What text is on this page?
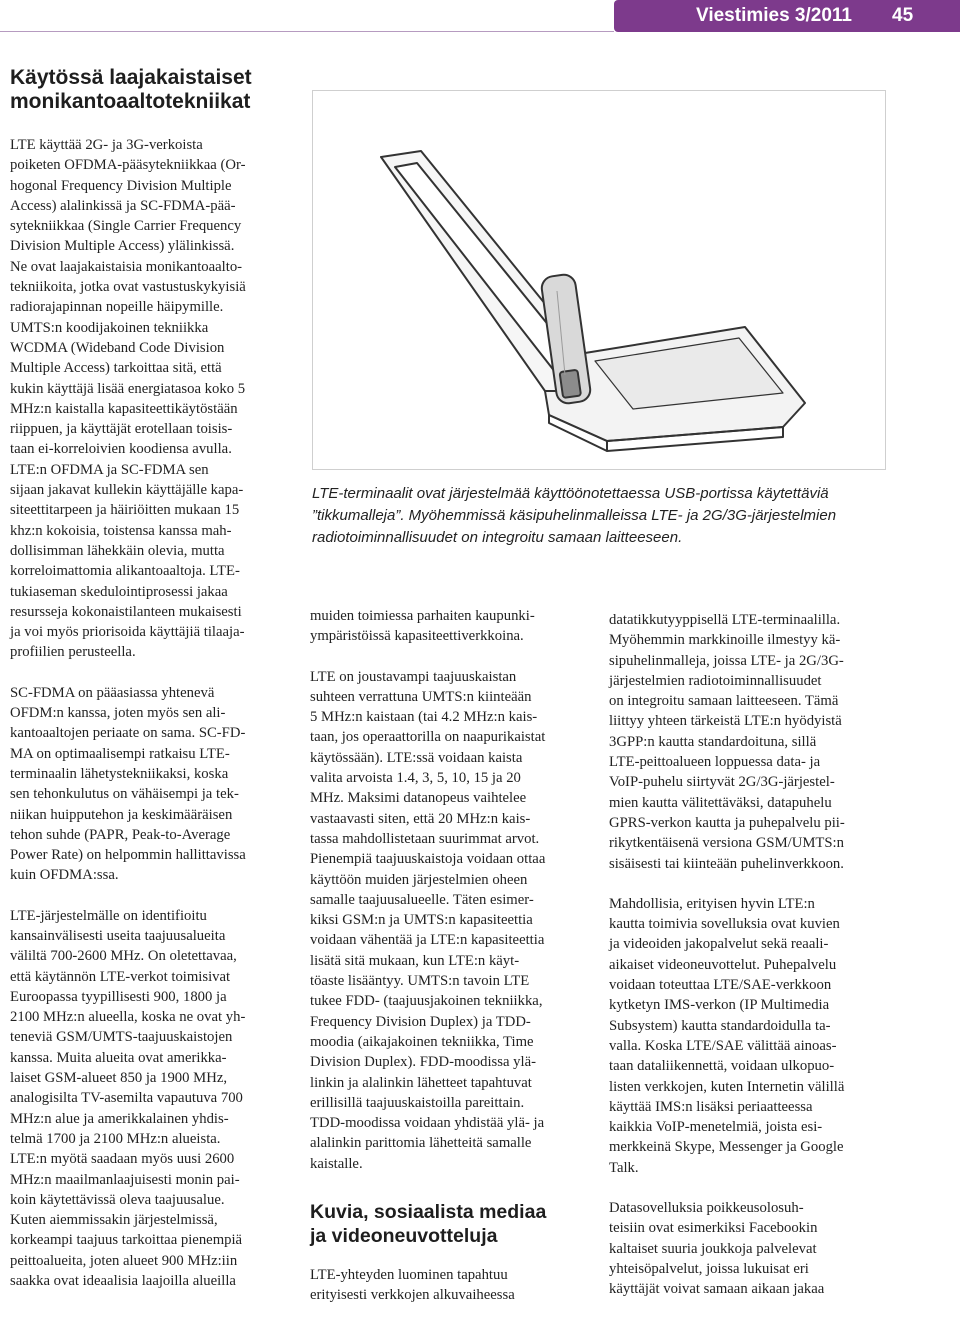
Viestimies 3/2011 45
Käytössä laajakaistaiset
monikantoaaltotekniikat

LTE käyttää 2G- ja 3G-verkoista
poiketen OFDMA-pääsytekniikkaa (Or-
hogonal Frequency Division Multiple
Access) alalinkissä ja SC-FDMA-pää-
sytekniikkaa (Single Carrier Frequency
Division Multiple Access) ylälinkissä.
Ne ovat laajakaistaisia monikantoaalto-
tekniikoita, jotka ovat vastustuskykyisiä
radiorajapinnan nopeille häipymille.
UMTS:n koodijakoinen tekniikka
WCDMA (Wideband Code Division
Multiple Access) tarkoittaa sitä, että
kukin käyttäjä lisää energiatasoa koko 5
MHz:n kaistalla kapasiteettikäytöstään
riippuen, ja käyttäjät erotellaan toisis-
taan ei-korreloivien koodiensa avulla.
LTE:n OFDMA ja SC-FDMA sen
sijaan jakavat kullekin käyttäjälle kapa-
siteettitarpeen ja häiriöitten mukaan 15
khz:n kokoisia, toistensa kanssa mah-
dollisimman lähekkäin olevia, mutta
korreloimattomia alikantoaaltoja. LTE-
tukiaseman skedulointiprosessi jakaa
resursseja kokonaistilanteen mukaisesti
ja voi myös priorisoida käyttäjiä tilaaja-
profiilien perusteella.

SC-FDMA on pääasiassa yhtenevä
OFDM:n kanssa, joten myös sen ali-
kantoaaltojen periaate on sama. SC-FD-
MA on optimaalisempi ratkaisu LTE-
terminaalin lähetystekniikaksi, koska
sen tehonkulutus on vähäisempi ja tek-
niikan huipputehon ja keskimääräisen
tehon suhde (PAPR, Peak-to-Average
Power Rate) on helpommin hallittavissa
kuin OFDMA:ssa.

LTE-järjestelmälle on identifioitu
kansainvälisesti useita taajuusalueita
väliltä 700-2600 MHz. On oletettavaa,
että käytännön LTE-verkot toimisivat
Euroopassa tyypillisesti 900, 1800 ja
2100 MHz:n alueella, koska ne ovat yh-
teneviä GSM/UMTS-taajuuskaistojen
kanssa. Muita alueita ovat amerikka-
laiset GSM-alueet 850 ja 1900 MHz,
analogisilta TV-asemilta vapautuva 700
MHz:n alue ja amerikkalainen yhdis-
telmä 1700 ja 2100 MHz:n alueista.
LTE:n myötä saadaan myös uusi 2600
MHz:n maailmanlaajuisesti monin pai-
koin käytettävissä oleva taajuusalue.
Kuten aiemmissakin järjestelmissä,
korkeampi taajuus tarkoittaa pienempiä
peittoalueita, joten alueet 900 MHz:iin
saakka ovat ideaalisia laajoilla alueilla

LTE-terminaalit ovat järjestelmää käyttöönotettaessa USB-portissa käytettäviä
”tikkumalleja”. Myöhemmissä käsipuhelinmalleissa LTE- ja 2G/3G-järjestelmien
radiotoiminnallisuudet on integroitu samaan laitteeseen.

muiden toimiessa parhaiten kaupunki-
ympäristöissä kapasiteettiverkkoina.

LTE on joustavampi taajuuskaistan
suhteen verrattuna UMTS:n kiinteään
5 MHz:n kaistaan (tai 4.2 MHz:n kais-
taan, jos operaattorilla on naapurikaistat
käytössään). LTE:ssä voidaan kaista
valita arvoista 1.4, 3, 5, 10, 15 ja 20
MHz. Maksimi datanopeus vaihtelee
vastaavasti siten, että 20 MHz:n kais-
tassa mahdollistetaan suurimmat arvot.
Pienempiä taajuuskaistoja voidaan ottaa
käyttöön muiden järjestelmien oheen
samalle taajuusalueelle. Täten esimer-
kiksi GSM:n ja UMTS:n kapasiteettia
voidaan vähentää ja LTE:n kapasiteettia
lisätä sitä mukaan, kun LTE:n käyt-
töaste lisääntyy. UMTS:n tavoin LTE
tukee FDD- (taajuusjakoinen tekniikka,
Frequency Division Duplex) ja TDD-
moodia (aikajakoinen tekniikka, Time
Division Duplex). FDD-moodissa ylä-
linkin ja alalinkin lähetteet tapahtuvat
erillisillä taajuuskaistoilla pareittain.
TDD-moodissa voidaan yhdistää ylä- ja
alalinkin parittomia lähetteitä samalle
kaistalle.

Kuvia, sosiaalista mediaa
ja videoneuvotteluja

LTE-yhteyden luominen tapahtuu
erityisesti verkkojen alkuvaiheessa

datatikkutyyppisellä LTE-terminaalilla.
Myöhemmin markkinoille ilmestyy kä-
sipuhelinmalleja, joissa LTE- ja 2G/3G-
järjestelmien radiotoiminnallisuudet
on integroitu samaan laitteeseen. Tämä
liittyy yhteen tärkeistä LTE:n hyödyistä
3GPP:n kautta standardoituna, sillä
LTE-peittoalueen loppuessa data- ja
VoIP-puhelu siirtyvät 2G/3G-järjestel-
mien kautta välitettäväksi, datapuhelu
GPRS-verkon kautta ja puhepalvelu pii-
rikytkentäisenä versiona GSM/UMTS:n
sisäisesti tai kiinteään puhelinverkkoon.

Mahdollisia, erityisen hyvin LTE:n
kautta toimivia sovelluksia ovat kuvien
ja videoiden jakopalvelut sekä reaali-
aikaiset videoneuvottelut. Puhepalvelu
voidaan toteuttaa LTE/SAE-verkkoon
kytketyn IMS-verkon (IP Multimedia
Subsystem) kautta standardoidulla ta-
valla. Koska LTE/SAE välittää ainoas-
taan dataliikennettä, voidaan ulkopuo-
listen verkkojen, kuten Internetin välillä
käyttää IMS:n lisäksi periaatteessa
kaikkia VoIP-menetelmiä, joista esi-
merkkeinä Skype, Messenger ja Google
Talk.

Datasovelluksia poikkeusolosuh-
teisiin ovat esimerkiksi Facebookin
kaltaiset suuria joukkoja palvelevat
yhteisöpalvelut, joissa lukuisat eri
käyttäjät voivat samaan aikaan jakaa
